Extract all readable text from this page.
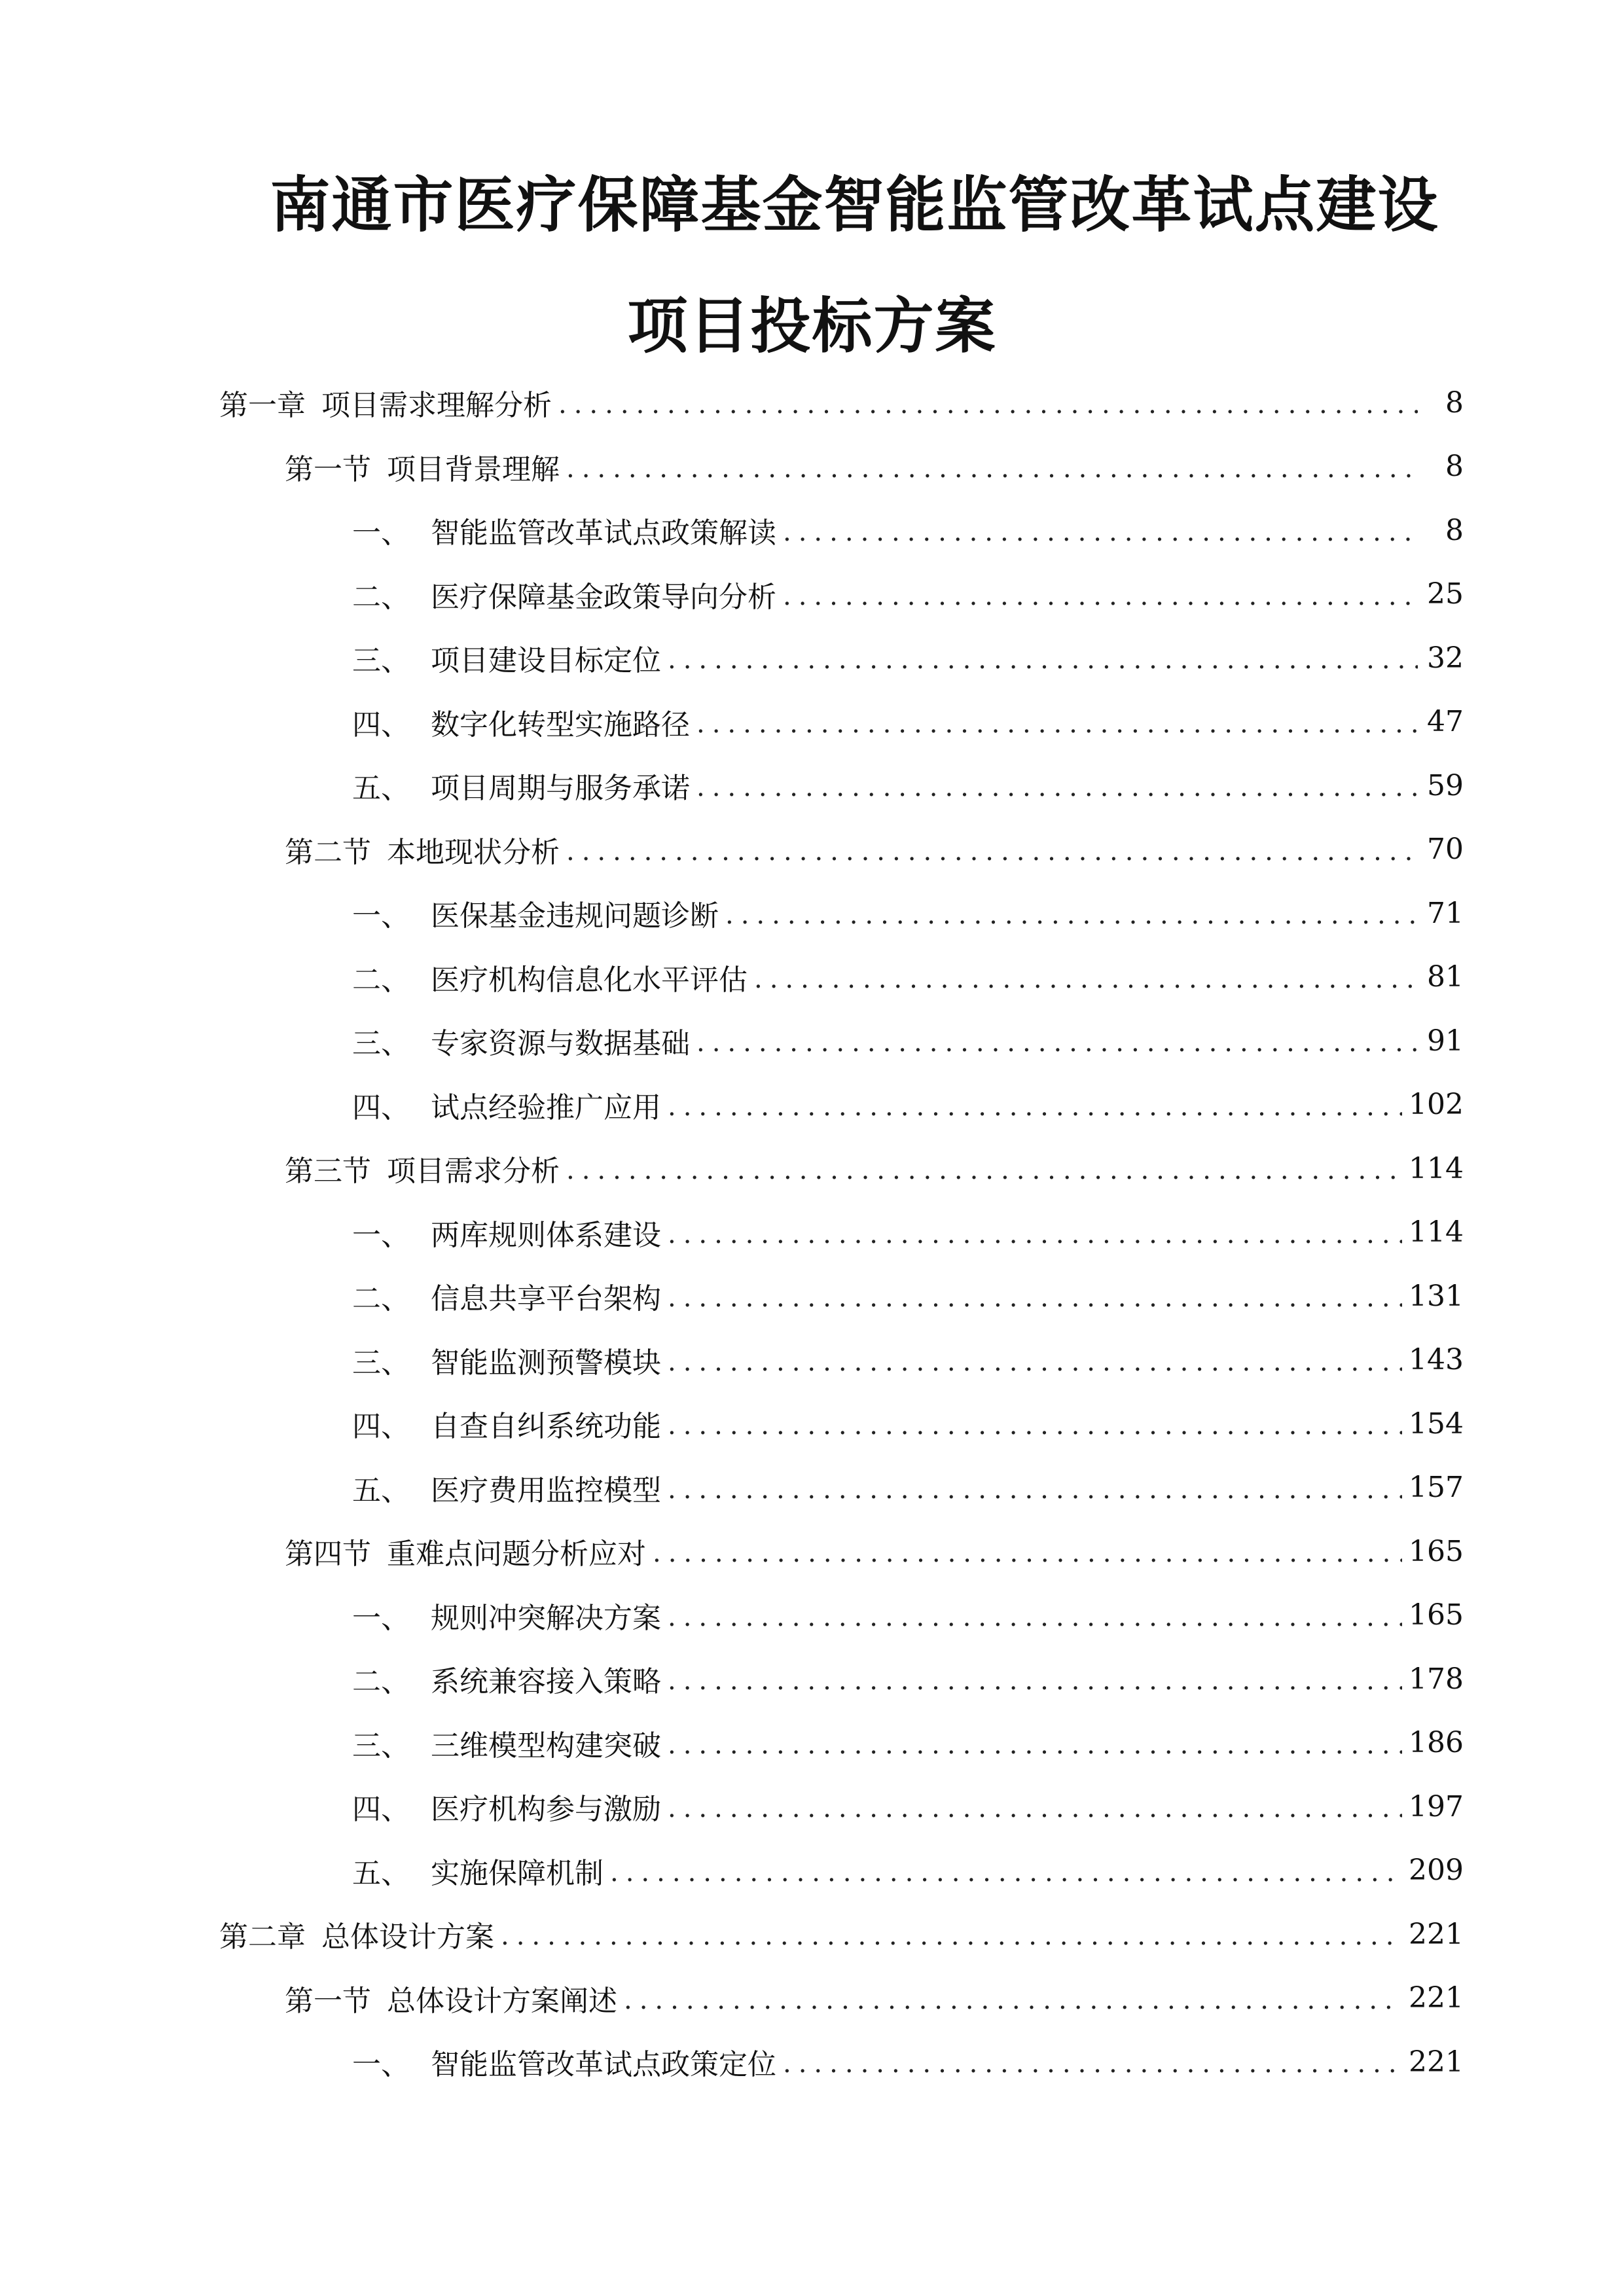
南通市医疗保障基金智能监管改革试点建设
项目投标方案
第一章 项目需求理解分析 .....	8
第一节 项目背景理解 .....	8
一、 智能监管改革试点政策解读 .....	8
二、 医疗保障基金政策导向分析 .....	25
三、 项目建设目标定位 .....	32
四、 数字化转型实施路径 .....	47
五、 项目周期与服务承诺 .....	59
第二节 本地现状分析 .....	70
一、 医保基金违规问题诊断 .....	71
二、 医疗机构信息化水平评估 .....	81
三、 专家资源与数据基础 .....	91
四、 试点经验推广应用 .....	102
第三节 项目需求分析 .....	114
一、 两库规则体系建设 .....	114
二、 信息共享平台架构 .....	131
三、 智能监测预警模块 .....	143
四、 自查自纠系统功能 .....	154
五、 医疗费用监控模型 .....	157
第四节 重难点问题分析应对 .....	165
一、 规则冲突解决方案 .....	165
二、 系统兼容接入策略 .....	178
三、 三维模型构建突破 .....	186
四、 医疗机构参与激励 .....	197
五、 实施保障机制 .....	209
第二章 总体设计方案 .....	221
第一节 总体设计方案阐述 .....	221
一、 智能监管改革试点政策定位 .....	221
